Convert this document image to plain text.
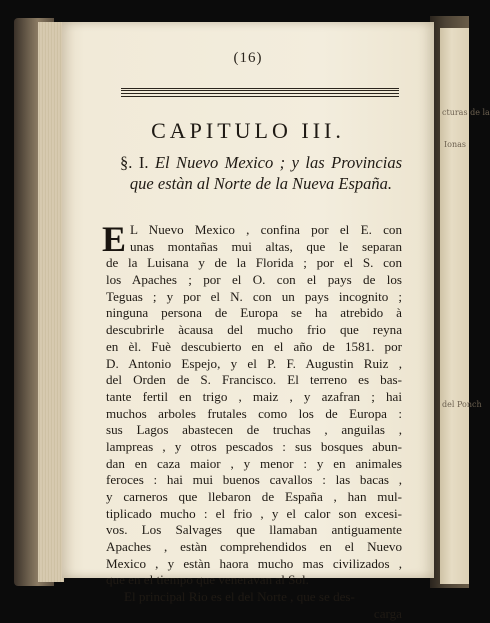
cturas de la
Ionas
del Ponch
(16)
CAPITULO III.
§. I. El Nuevo Mexico ; y las Provincias
que estàn al Norte de la Nueva España.
E L Nuevo Mexico , confina por el E. con
unas montañas mui altas, que le separan
de la Luisana y de la Florida ; por el S. con
los Apaches ; por el O. con el pays de los
Teguas ; y por el N. con un pays incognito ;
ninguna persona de Europa se ha atrebido à
descubrirle àcausa del mucho frio que reyna
en èl. Fuè descubierto en el año de 1581. por
D. Antonio Espejo, y el P. F. Augustin Ruiz ,
del Orden de S. Francisco. El terreno es bas-
tante fertil en trigo , maiz , y azafran ; hai
muchos arboles frutales como los de Europa :
sus Lagos abastecen de truchas , anguilas ,
lampreas , y otros pescados : sus bosques abun-
dan en caza maior , y menor : y en animales
feroces : hai mui buenos cavallos : las bacas ,
y carneros que llebaron de España , han mul-
tiplicado mucho : el frio , y el calor son excesi-
vos. Los Salvages que llamaban antiguamente
Apaches , estàn comprehendidos en el Nuevo
Mexico , y estàn haora mucho mas civilizados ,
que en el tiempo que veneravan al Sol.
El principal Rio es el del Norte , que se des-
carga
